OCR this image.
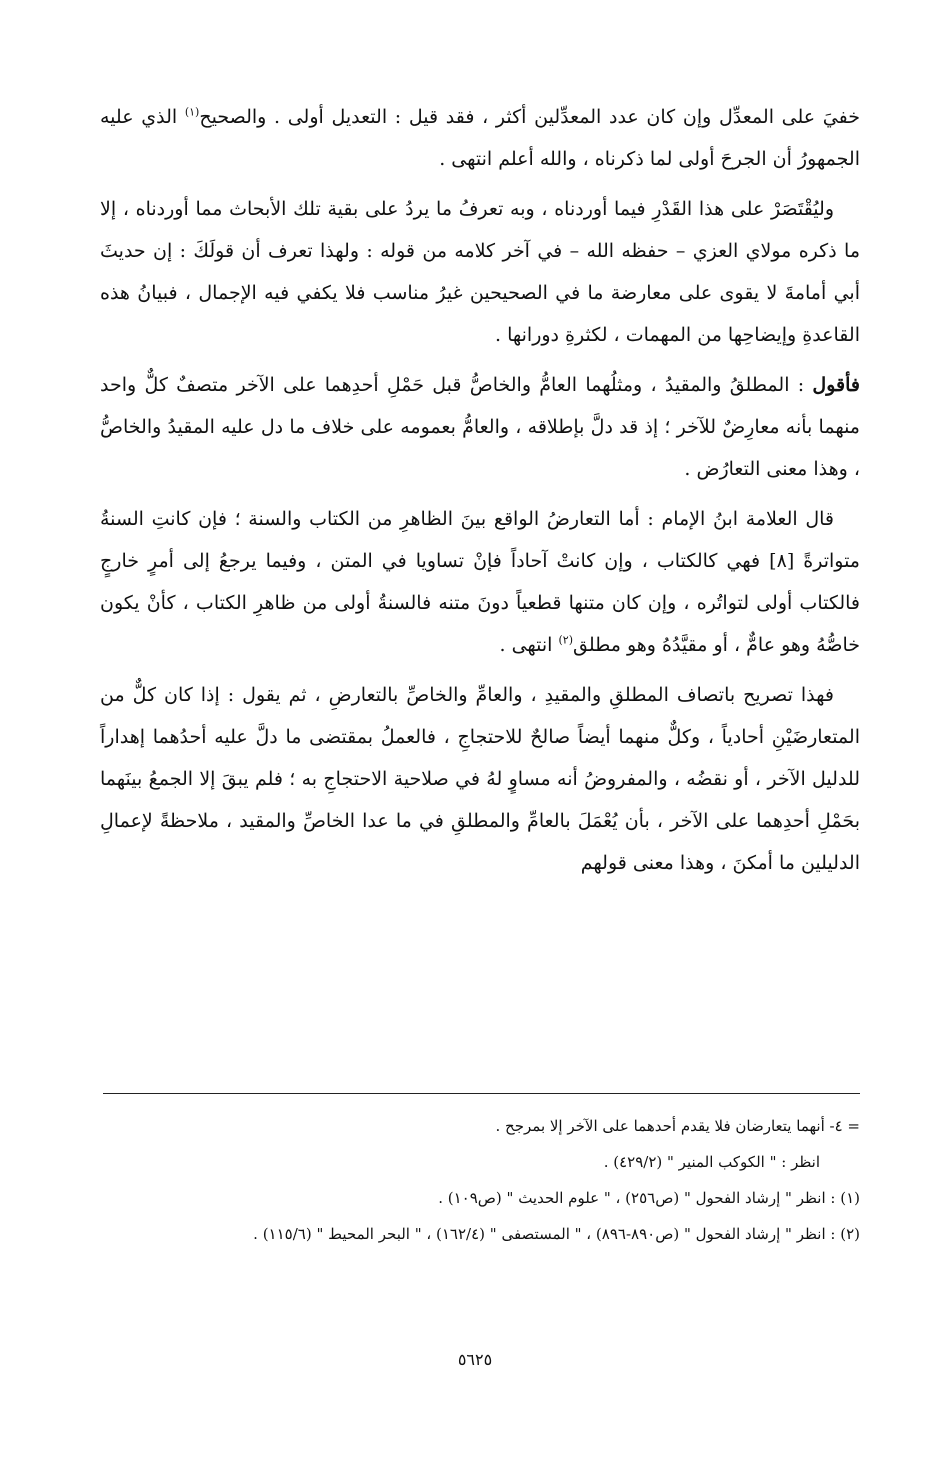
خفيَ على المعدِّل وإن كان عدد المعدِّلين أكثر ، فقد قيل : التعديل أولى . والصحيح$^{(١)}$ الذي عليه الجمهورُ أن الجرحَ أولى لما ذكرناه ، والله أعلم انتهى .

وليُقْتَصَرْ على هذا القَدْرِ فيما أوردناه ، وبه تعرفُ ما يردُ على بقية تلك الأبحاث مما أوردناه ، إلا ما ذكره مولاي العزي – حفظه الله – في آخر كلامه من قوله : ولهذا تعرف أن قولَكَ : إن حديثَ أبي أمامةَ لا يقوى على معارضة ما في الصحيحين غيرُ مناسب فلا يكفي فيه الإجمال ، فبيانُ هذه القاعدةِ وإيضاحِها من المهمات ، لكثرةِ دورانها .

فأقول : المطلقُ والمقيدُ ، ومثلُهما العامُّ والخاصُّ قبل حَمْلِ أحدِهما على الآخر متصفٌ كلٌّ واحد منهما بأنه معارِضٌ للآخر ؛ إذ قد دلَّ بإطلاقه ، والعامُّ بعمومه على خلاف ما دل عليه المقيدُ والخاصُّ ، وهذا معنى التعارُض .

قال العلامة ابنُ الإمام : أما التعارضُ الواقع بينَ الظاهرِ من الكتاب والسنة ؛ فإن كانتِ السنةُ متواترةً [٨] فهي كالكتاب ، وإن كانتْ آحاداً فإنْ تساويا في المتن ، وفيما يرجعُ إلى أمرٍ خارجٍ فالكتاب أولى لتواتُره ، وإن كان متنها قطعياً دونَ متنه فالسنةُ أولى من ظاهرِ الكتاب ، كأنْ يكون خاصُّهُ وهو عامٌّ ، أو مقيَّدُهُ وهو مطلق$^{(٢)}$ انتهى .

فهذا تصريح باتصاف المطلقِ والمقيدِ ، والعامِّ والخاصِّ بالتعارضِ ، ثم يقول : إذا كان كلٌّ من المتعارضَيْنِ أحادياً ، وكلٌّ منهما أيضاً صالحٌ للاحتجاجِ ، فالعملُ بمقتضى ما دلَّ عليه أحدُهما إهداراً للدليل الآخر ، أو نقضُه ، والمفروضُ أنه مساوٍ لهُ في صلاحية الاحتجاجِ به ؛ فلم يبقَ إلا الجمعُ بينَهما بحَمْلِ أحدِهما على الآخر ، بأن يُعْمَلَ بالعامِّ والمطلقِ في ما عدا الخاصِّ والمقيد ، ملاحظةً لإعمالِ الدليلين ما أمكنَ ، وهذا معنى قولهم

= ٤- أنهما يتعارضان فلا يقدم أحدهما على الآخر إلا بمرجح .
انظر : " الكوكب المنير " (٤٢٩/٢) .
(١) : انظر " إرشاد الفحول " (ص٢٥٦) ، " علوم الحديث " (ص١٠٩) .
(٢) : انظر " إرشاد الفحول " (ص٨٩٠-٨٩٦) ، " المستصفى " (١٦٢/٤) ، " البحر المحيط " (١١٥/٦) .
٥٦٢٥
